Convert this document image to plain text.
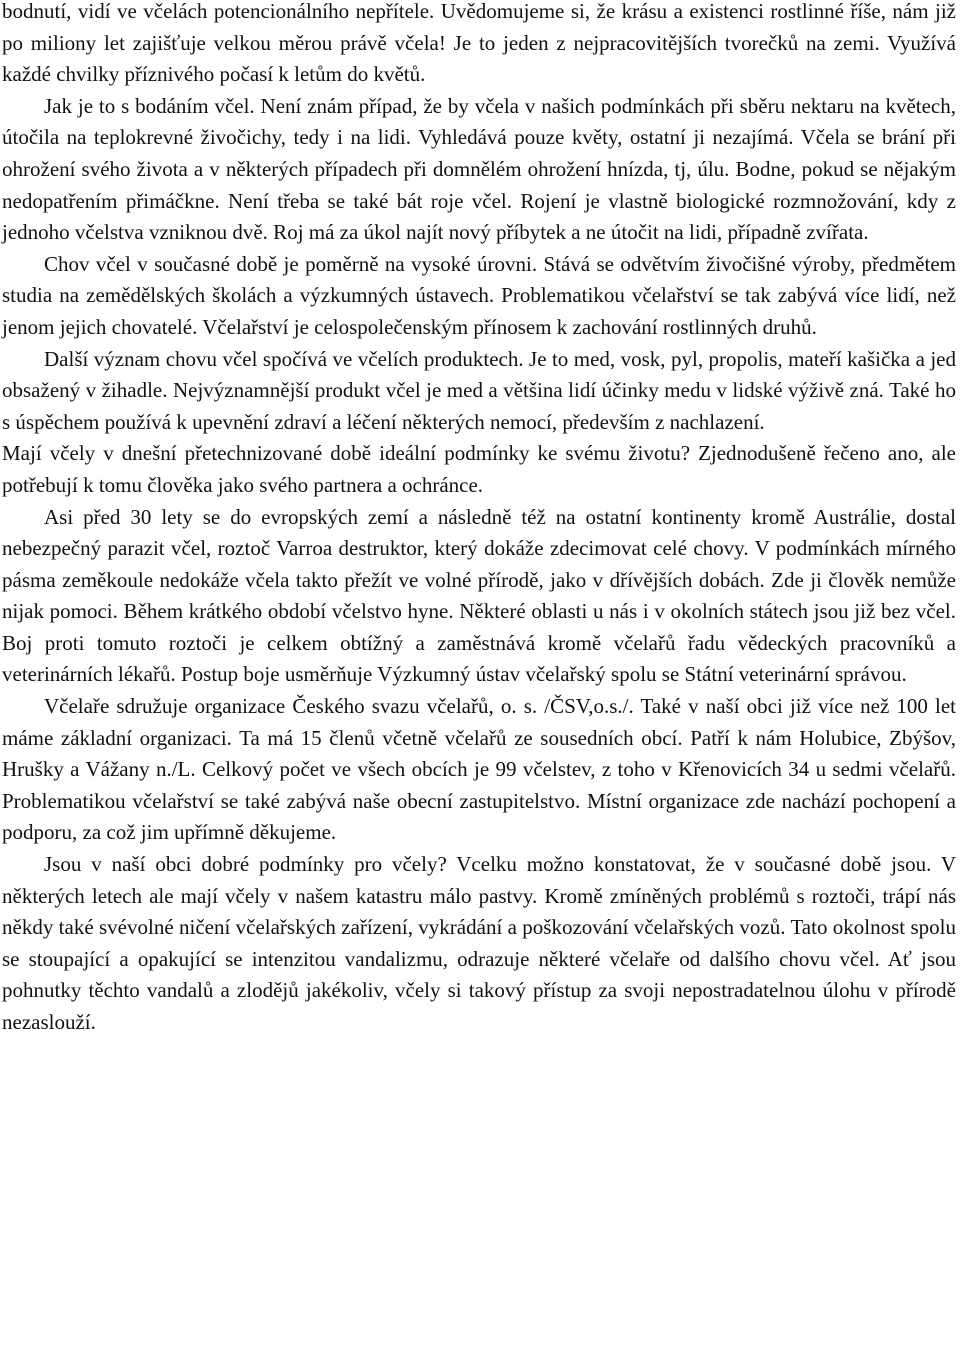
bodnutí, vidí ve včelách potencionálního nepřítele. Uvědomujeme si, že krásu a existenci rostlinné říše, nám již po miliony let zajišťuje velkou měrou právě včela! Je to jeden z nejpracovitějších tvorečků na zemi. Využívá každé chvilky příznivého počasí k letům do květů.

Jak je to s bodáním včel. Není znám případ, že by včela v našich podmínkách při sběru nektaru na květech, útočila na teplokrevné živočichy, tedy i na lidi. Vyhledává pouze květy, ostatní ji nezajímá. Včela se brání při ohrožení svého života a v některých případech při domnělém ohrožení hnízda, tj, úlu. Bodne, pokud se nějakým nedopatřením přimáčkne. Není třeba se také bát roje včel. Rojení je vlastně biologické rozmnožování, kdy z jednoho včelstva vzniknou dvě. Roj má za úkol najít nový příbytek a ne útočit na lidi, případně zvířata.

Chov včel v současné době je poměrně na vysoké úrovni. Stává se odvětvím živočišné výroby, předmětem studia na zemědělských školách a výzkumných ústavech. Problematikou včelařství se tak zabývá více lidí, než jenom jejich chovatelé. Včelařství je celospolečenským přínosem k zachování rostlinných druhů.

Další význam chovu včel spočívá ve včelích produktech. Je to med, vosk, pyl, propolis, mateří kašička a jed obsažený v žihadle. Nejvýznamnější produkt včel je med a většina lidí účinky medu v lidské výživě zná. Také ho s úspěchem používá k upevnění zdraví a léčení některých nemocí, především z nachlazení.

Mají včely v dnešní přetechnizované době ideální podmínky ke svému životu? Zjednodušeně řečeno ano, ale potřebují k tomu člověka jako svého partnera a ochránce.

Asi před 30 lety se do evropských zemí a následně též na ostatní kontinenty kromě Austrálie, dostal nebezpečný parazit včel, roztoč Varroa destruktor, který dokáže zdecimovat celé chovy. V podmínkách mírného pásma zeměkoule nedokáže včela takto přežít ve volné přírodě, jako v dřívějších dobách. Zde ji člověk nemůže nijak pomoci. Během krátkého období včelstvo hyne. Některé oblasti u nás i v okolních státech jsou již bez včel. Boj proti tomuto roztoči je celkem obtížný a zaměstnává kromě včelařů řadu vědeckých pracovníků a veterinárních lékařů. Postup boje usměrňuje Výzkumný ústav včelařský spolu se Státní veterinární správou.

Včelaře sdružuje organizace Českého svazu včelařů, o. s. /ČSV,o.s./. Také v naší obci již více než 100 let máme základní organizaci. Ta má 15 členů včetně včelařů ze sousedních obcí. Patří k nám Holubice, Zbýšov, Hrušky a Vážany n./L. Celkový počet ve všech obcích je 99 včelstev, z toho v Křenovicích 34 u sedmi včelařů. Problematikou včelařství se také zabývá naše obecní zastupitelstvo. Místní organizace zde nachází pochopení a podporu, za což jim upřímně děkujeme.

Jsou v naší obci dobré podmínky pro včely? Vcelku možno konstatovat, že v současné době jsou. V některých letech ale mají včely v našem katastru málo pastvy. Kromě zmíněných problémů s roztoči, trápí nás někdy také svévolné ničení včelařských zařízení, vykrádání a poškozování včelařských vozů. Tato okolnost spolu se stoupající a opakující se intenzitou vandalizmu, odrazuje některé včelaře od dalšího chovu včel. Ať jsou pohnutky těchto vandalů a zlodějů jakékoliv, včely si takový přístup za svoji nepostradatelnou úlohu v přírodě nezaslouží.
